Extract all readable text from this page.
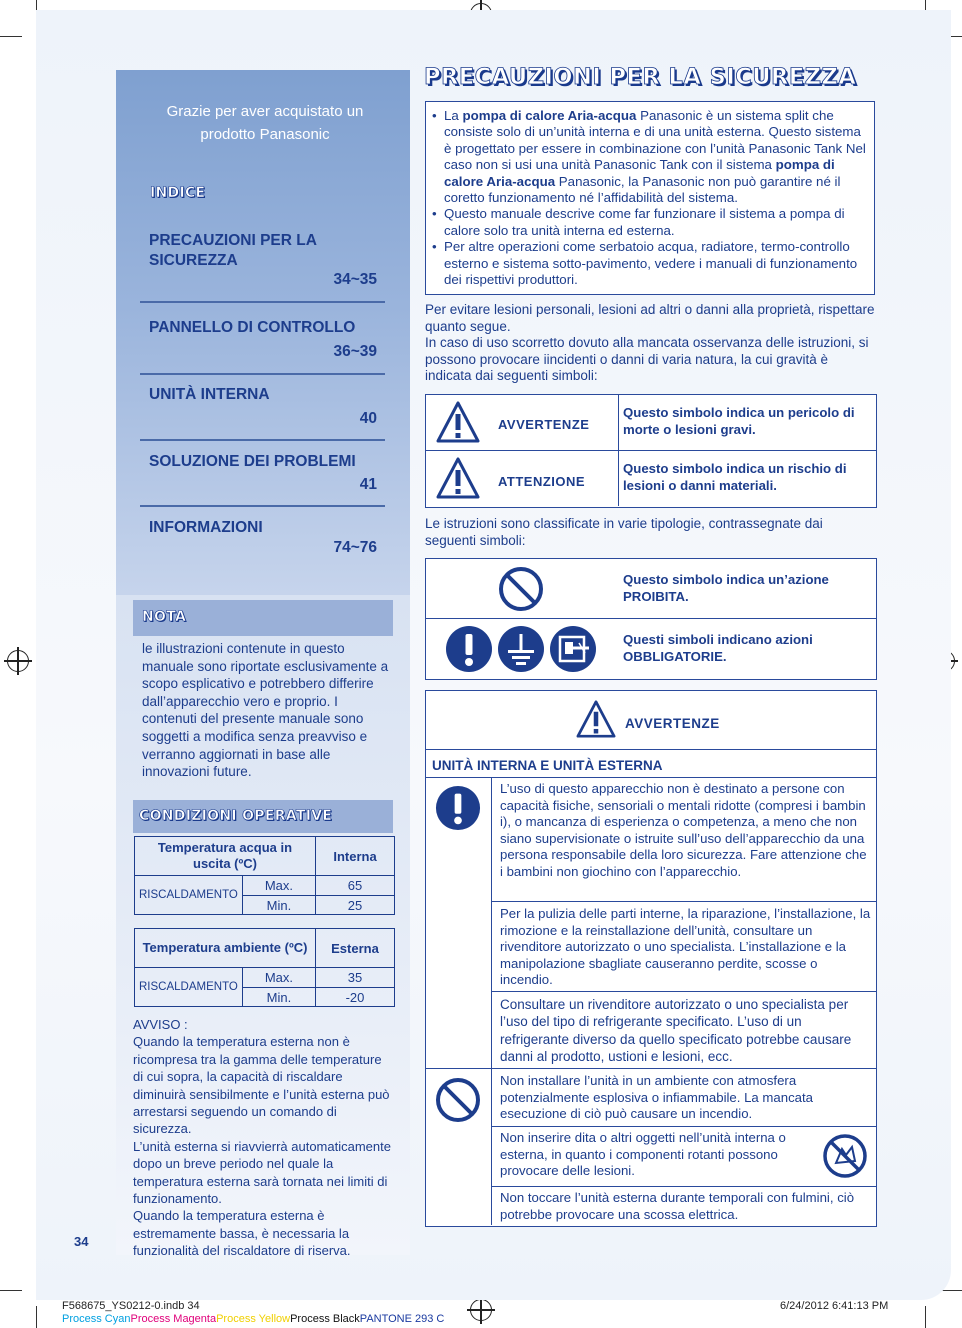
Grazie per aver acquistato un prodotto Panasonic
INDICE
PRECAUZIONI PER LA SICUREZZA
34~35
PANNELLO DI CONTROLLO
36~39
UNITÀ INTERNA
40
SOLUZIONE DEI PROBLEMI
41
INFORMAZIONI
74~76
NOTA
le illustrazioni contenute in questo manuale sono riportate esclusivamente a scopo esplicativo e potrebbero differire dall’apparecchio vero e proprio. I contenuti del presente manuale sono soggetti a modifica senza preavviso e verranno aggiornati in base alle innovazioni future.
CONDIZIONI OPERATIVE
Temperatura acqua in uscita (ºC)		Interna
RISCALDAMENTO	Max.	65
	Min.	25
Temperatura ambiente (ºC)		Esterna
RISCALDAMENTO	Max.	35
	Min.	-20
AVVISO :
Quando la temperatura esterna non è ricompresa tra la gamma delle temperature di cui sopra, la capacità di riscaldare diminuirà sensibilmente e l’unità esterna può arrestarsi seguendo un comando di sicurezza.
L’unità esterna si riavvierrà automaticamente dopo un breve periodo nel quale la temperatura esterna sarà tornata nei limiti di funzionamento.
Quando la temperatura esterna è estremamente bassa, è necessaria la funzionalità del riscaldatore di riserva.
34
PRECAUZIONI PER LA SICUREZZA
• La pompa di calore Aria-acqua Panasonic è un sistema split che consiste solo di un’unità interna e di una unità esterna. Questo sistema è progettato per essere in combinazione con l’unità Panasonic Tank Nel caso non si usi una unità Panasonic Tank con il sistema pompa di calore Aria-acqua Panasonic, la Panasonic non può garantire né il coretto funzionamento né l’affidabilità del sistema.
• Questo manuale descrive come far funzionare il sistema a pompa di calore solo tra unità interna ed esterna.
• Per altre operazioni come serbatoio acqua, radiatore, termo-controllo esterno e sistema sotto-pavimento, vedere i manuali di funzionamento dei rispettivi produttori.
Per evitare lesioni personali, lesioni ad altri o danni alla proprietà, rispettare quanto segue.
In caso di uso scorretto dovuto alla mancata osservanza delle istruzioni, si possono provocare iincidenti o danni di varia natura, la cui gravità è indicata dai seguenti simboli:
AVVERTENZE
Questo simbolo indica un pericolo di morte o lesioni gravi.
ATTENZIONE
Questo simbolo indica un rischio di lesioni o danni materiali.
Le istruzioni sono classificate in varie tipologie, contrassegnate dai seguenti simboli:
Questo simbolo indica un’azione PROIBITA.
Questi simboli indicano azioni OBBLIGATORIE.
AVVERTENZE
UNITÀ INTERNA E UNITÀ ESTERNA
L’uso di questo apparecchio non è destinato a persone con capacità fisiche, sensoriali o mentali ridotte (compresi i bambin i), o mancanza di esperienza o competenza, a meno che non siano supervisionate o istruite sull’uso dell’apparecchio da una persona responsabile della loro sicurezza. Fare attenzione che i bambini non giochino con l’apparecchio.
Per la pulizia delle parti interne, la riparazione, l’installazione, la rimozione e la reinstallazione dell’unità, consultare un rivenditore autorizzato o uno specialista. L’installazione e la manipolazione sbagliate causeranno perdite, scosse o incendio.
Consultare un rivenditore autorizzato o uno specialista per l’uso del tipo di refrigerante specificato. L’uso di un refrigerante diverso da quello specificato potrebbe causare danni al prodotto, ustioni e lesioni, ecc.
Non installare l’unità in un ambiente con atmosfera potenzialmente esplosiva o infiammabile. La mancata esecuzione di ciò può causare un incendio.
Non inserire dita o altri oggetti nell’unità interna o esterna, in quanto i componenti rotanti possono provocare delle lesioni.
Non toccare l’unità esterna durante temporali con fulmini, ciò potrebbe provocare una scossa elettrica.
F568675_YS0212-0.indb 34	6/24/2012 6:41:13 PM
Process CyanProcess MagentaProcess YellowProcess BlackPANTONE 293 C
